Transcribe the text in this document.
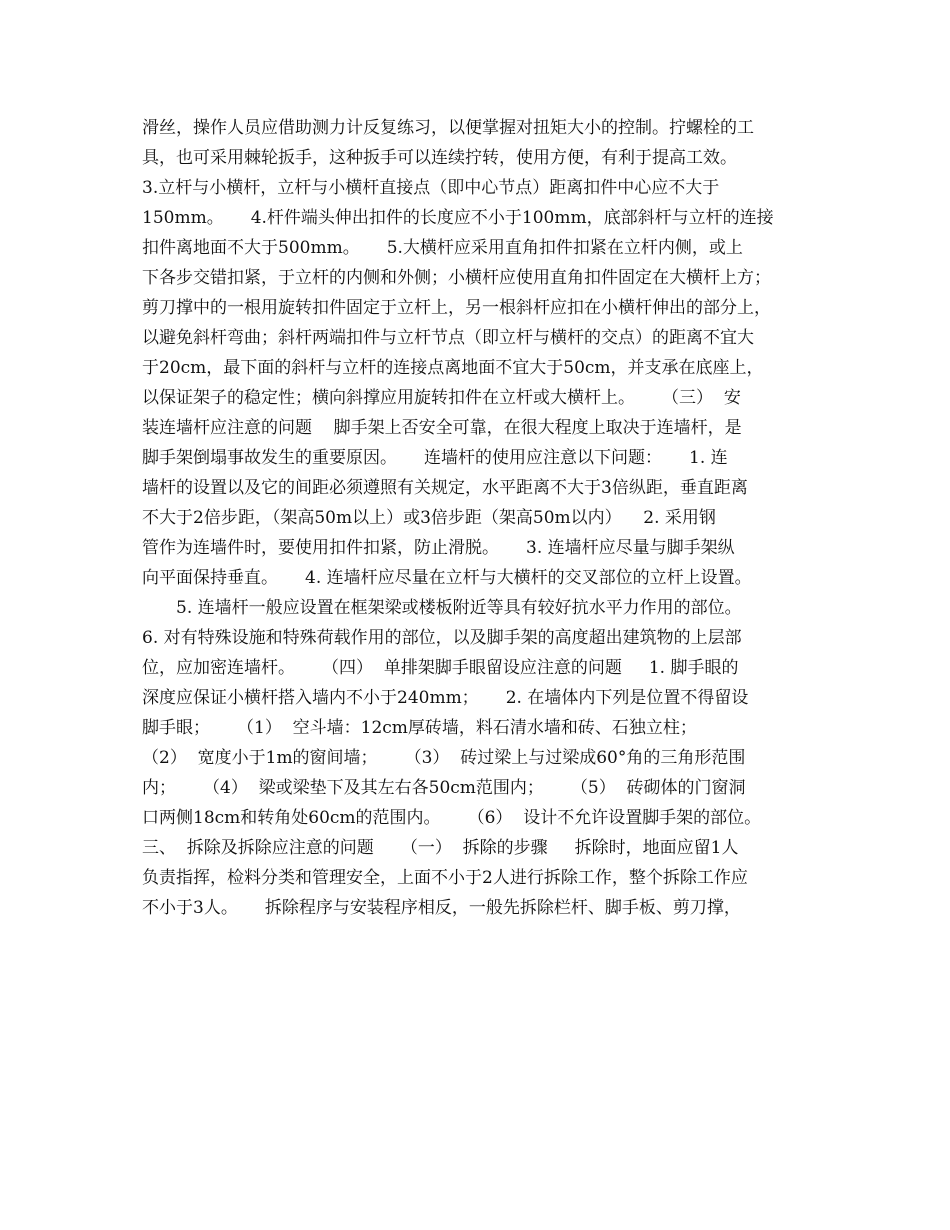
滑丝，操作人员应借助测力计反复练习，以便掌握对扭矩大小的控制。拧螺栓的工
具，也可采用棘轮扳手，这种扳手可以连续拧转，使用方便，有利于提高工效。
3.立杆与小横杆，立杆与小横杆直接点（即中心节点）距离扣件中心应不大于
150mm。     4.杆件端头伸出扣件的长度应不小于100mm，底部斜杆与立杆的连接
扣件离地面不大于500mm。     5.大横杆应采用直角扣件扣紧在立杆内侧，或上
下各步交错扣紧，于立杆的内侧和外侧；小横杆应使用直角扣件固定在大横杆上方；
剪刀撑中的一根用旋转扣件固定于立杆上，另一根斜杆应扣在小横杆伸出的部分上，
以避免斜杆弯曲；斜杆两端扣件与立杆节点（即立杆与横杆的交点）的距离不宜大
于20cm，最下面的斜杆与立杆的连接点离地面不宜大于50cm，并支承在底座上，
以保证架子的稳定性；横向斜撑应用旋转扣件在立杆或大横杆上。     （三）  安
装连墙杆应注意的问题    脚手架上否安全可靠，在很大程度上取决于连墙杆，是
脚手架倒塌事故发生的重要原因。     连墙杆的使用应注意以下问题：     1. 连
墙杆的设置以及它的间距必须遵照有关规定，水平距离不大于3倍纵距，垂直距离
不大于2倍步距，（架高50m以上）或3倍步距（架高50m以内）    2. 采用钢
管作为连墙件时，要使用扣件扣紧，防止滑脱。     3. 连墙杆应尽量与脚手架纵
向平面保持垂直。     4. 连墙杆应尽量在立杆与大横杆的交叉部位的立杆上设置。
5. 连墙杆一般应设置在框架梁或楼板附近等具有较好抗水平力作用的部位。
6. 对有特殊设施和特殊荷载作用的部位，以及脚手架的高度超出建筑物的上层部
位，应加密连墙杆。     （四）  单排架脚手眼留设应注意的问题     1. 脚手眼的
深度应保证小横杆搭入墙内不小于240mm；     2. 在墙体内下列是位置不得留设
脚手眼；     （1）  空斗墙：12cm厚砖墙，料石清水墙和砖、石独立柱；
（2）  宽度小于1m的窗间墙；     （3）  砖过梁上与过梁成60°角的三角形范围
内；     （4）  梁或梁垫下及其左右各50cm范围内；     （5）  砖砌体的门窗洞
口两侧18cm和转角处60cm的范围内。     （6）  设计不允许设置脚手架的部位。
三、  拆除及拆除应注意的问题     （一）  拆除的步骤     拆除时，地面应留1人
负责指挥，检料分类和管理安全，上面不小于2人进行拆除工作，整个拆除工作应
不小于3人。     拆除程序与安装程序相反，一般先拆除栏杆、脚手板、剪刀撑，
